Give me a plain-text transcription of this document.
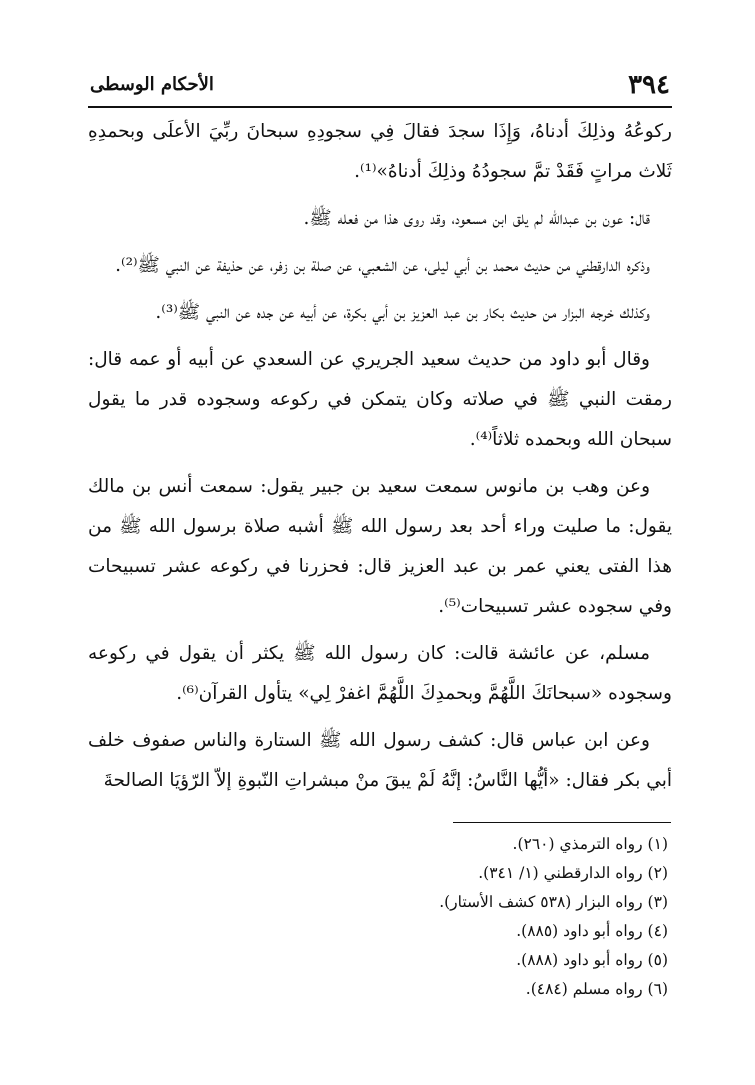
٣٩٤
الأحكام الوسطى

ركوعُهُ وذلِكَ أدناهُ، وَإِذَا سجدَ فقالَ فِي سجودِهِ سبحانَ ربِّيَ الأعلَى وبحمدِهِ ثَلاث مراتٍ فَقَدْ تمَّ سجودُهُ وذلِكَ أدناهُ»⁽¹⁾.

قال: عون بن عبدالله لم يلق ابن مسعود، وقد روى هذا من فعله ﷺ.

وذكره الدارقطني من حديث محمد بن أبي ليلى، عن الشعبي، عن صلة بن زفر، عن حذيفة عن النبي ﷺ⁽²⁾.

وكذلك خرجه البزار من حديث بكار بن عبد العزيز بن أبي بكرة، عن أبيه عن جده عن النبي ﷺ⁽³⁾.

وقال أبو داود من حديث سعيد الجريري عن السعدي عن أبيه أو عمه قال: رمقت النبي ﷺ في صلاته وكان يتمكن في ركوعه وسجوده قدر ما يقول سبحان الله وبحمده ثلاثاً⁽⁴⁾.

وعن وهب بن مانوس سمعت سعيد بن جبير يقول: سمعت أنس بن مالك يقول: ما صليت وراء أحد بعد رسول الله ﷺ أشبه صلاة برسول الله ﷺ من هذا الفتى يعني عمر بن عبد العزيز قال: فحزرنا في ركوعه عشر تسبيحات وفي سجوده عشر تسبيحات⁽⁵⁾.

مسلم، عن عائشة قالت: كان رسول الله ﷺ يكثر أن يقول في ركوعه وسجوده «سبحانَكَ اللَّهُمَّ وبحمدِكَ اللَّهُمَّ اغفرْ لِي» يتأول القرآن⁽⁶⁾.

وعن ابن عباس قال: كشف رسول الله ﷺ الستارة والناس صفوف خلف أبي بكر فقال: «أيُّها النَّاسُ: إنَّهُ لَمْ يبقَ منْ مبشراتِ النّبوةِ إلاّ الرّؤيَا الصالحةَ

(١) رواه الترمذي (٢٦٠).
(٢) رواه الدارقطني (١/ ٣٤١).
(٣) رواه البزار (٥٣٨ كشف الأستار).
(٤) رواه أبو داود (٨٨٥).
(٥) رواه أبو داود (٨٨٨).
(٦) رواه مسلم (٤٨٤).
